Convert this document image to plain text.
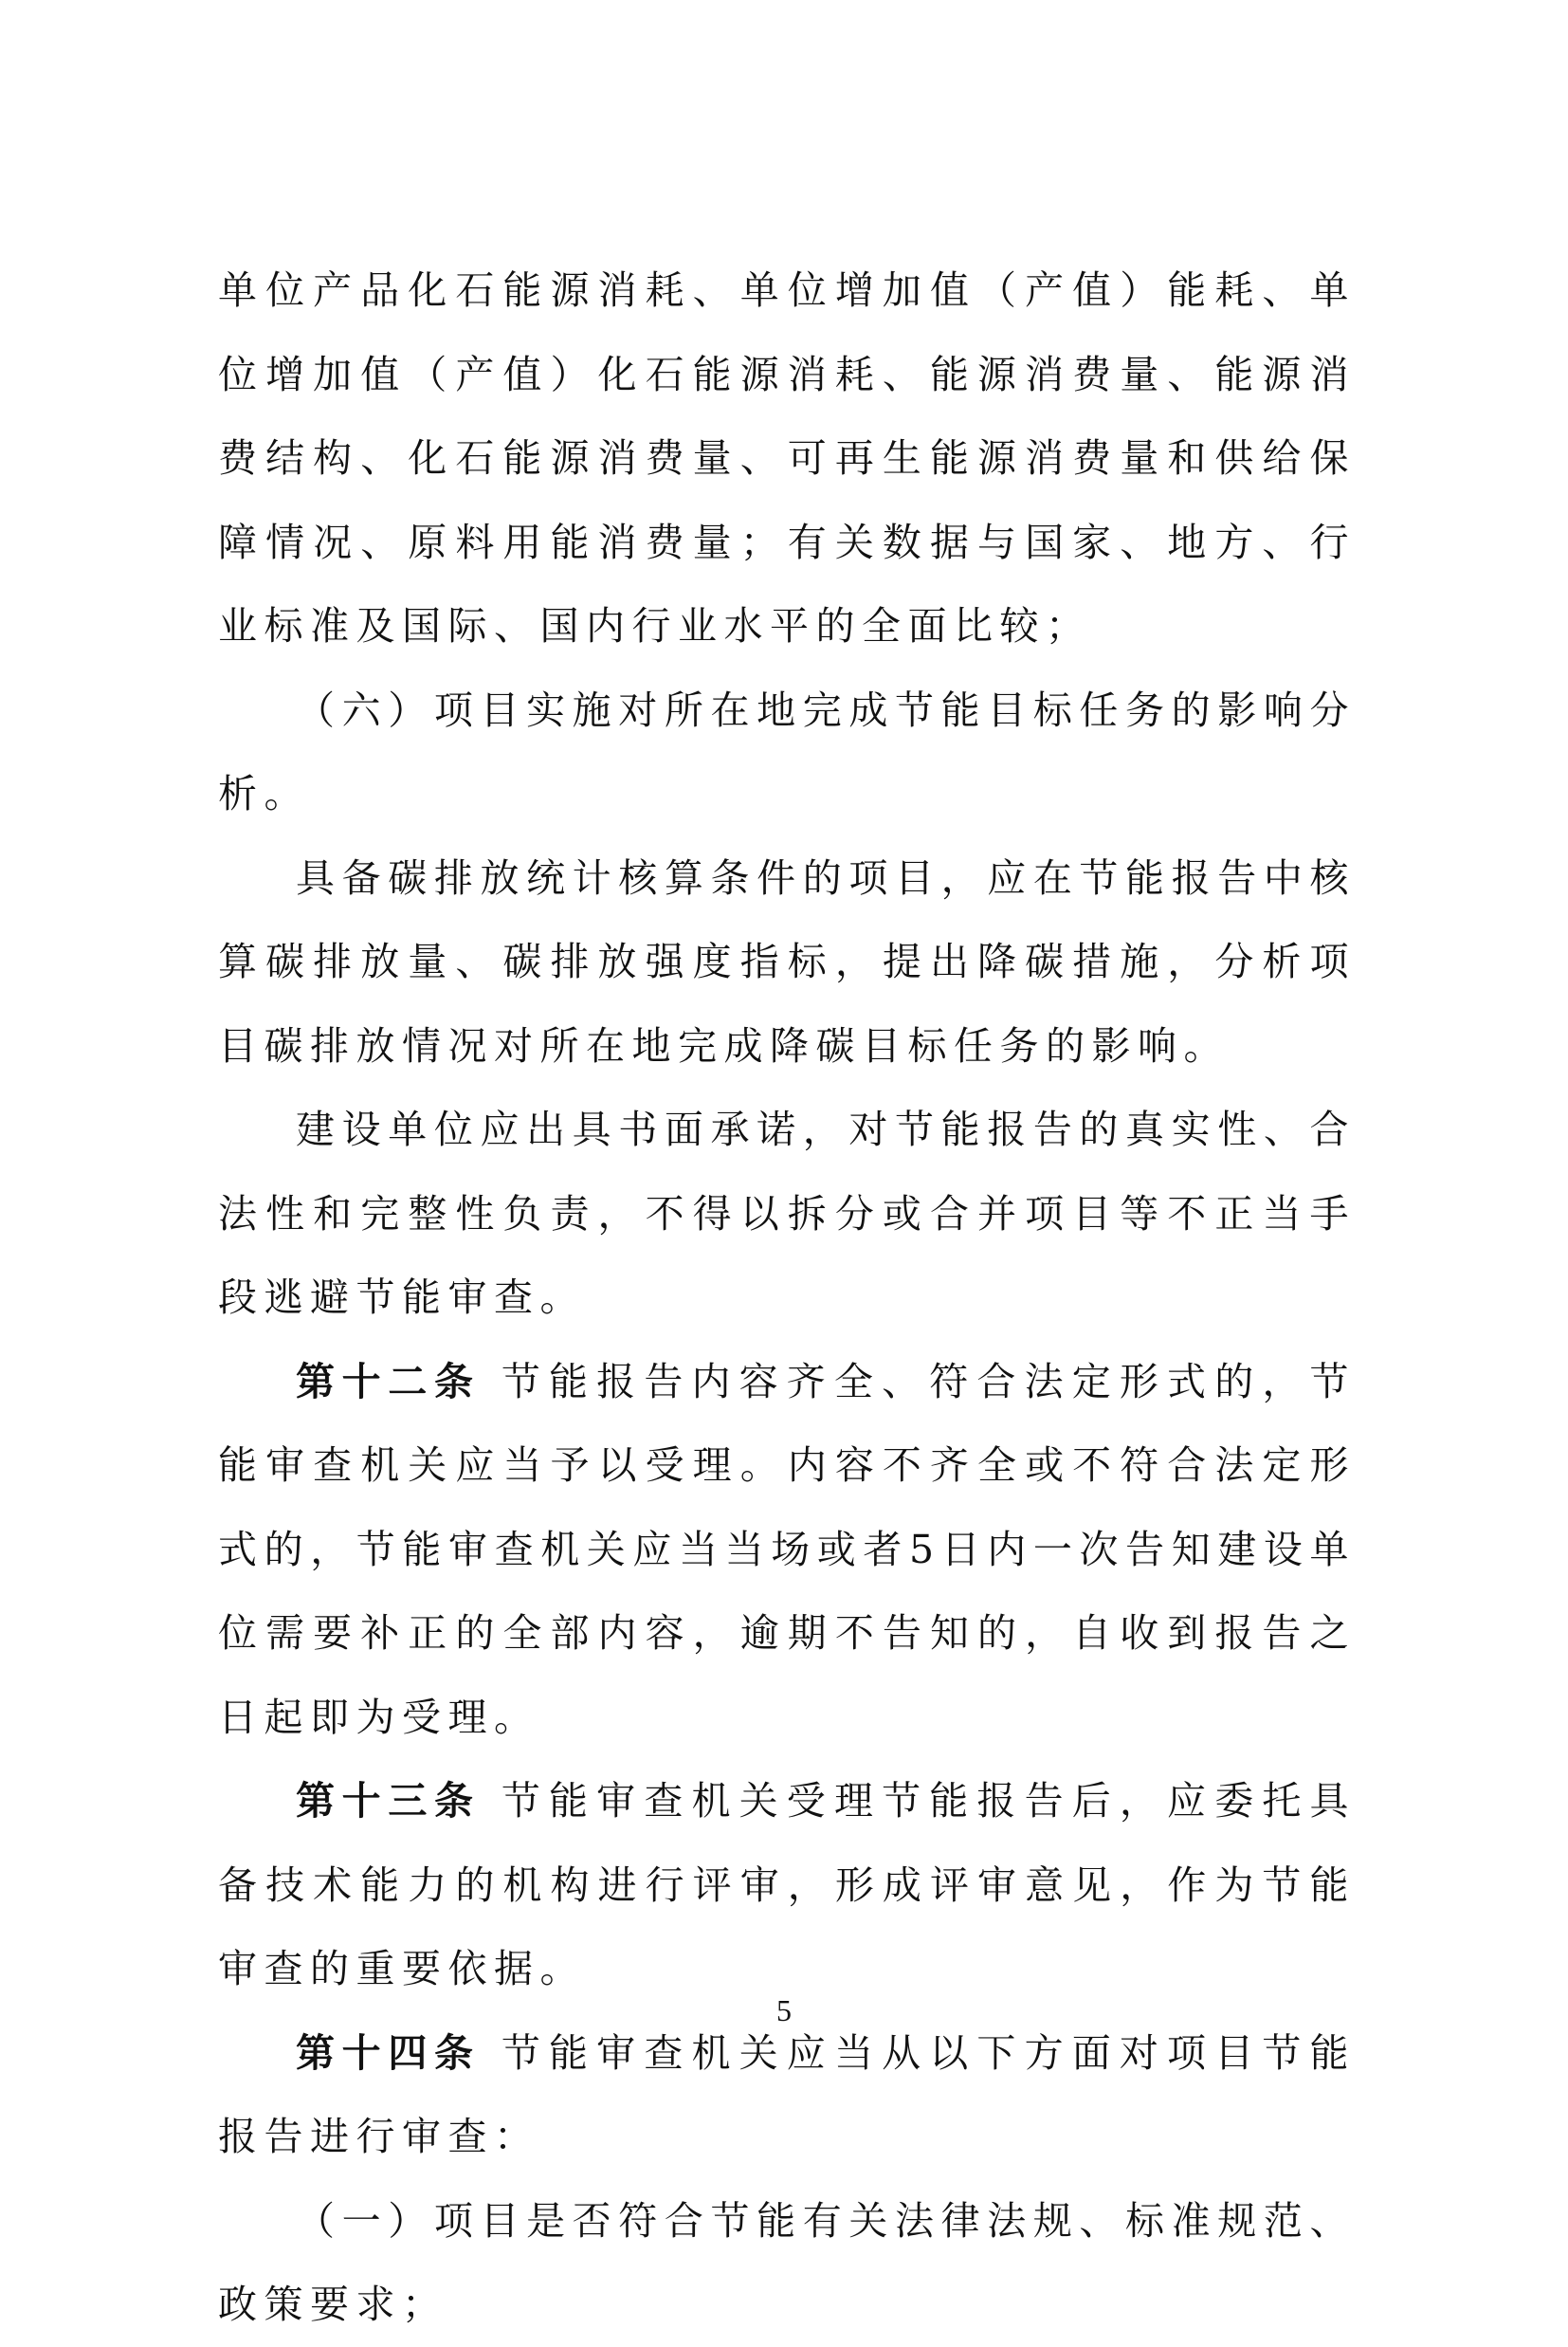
单位产品化石能源消耗、单位增加值（产值）能耗、单位增加值（产值）化石能源消耗、能源消费量、能源消费结构、化石能源消费量、可再生能源消费量和供给保障情况、原料用能消费量；有关数据与国家、地方、行业标准及国际、国内行业水平的全面比较；

（六）项目实施对所在地完成节能目标任务的影响分析。

具备碳排放统计核算条件的项目，应在节能报告中核算碳排放量、碳排放强度指标，提出降碳措施，分析项目碳排放情况对所在地完成降碳目标任务的影响。

建设单位应出具书面承诺，对节能报告的真实性、合法性和完整性负责，不得以拆分或合并项目等不正当手段逃避节能审查。

第十二条 节能报告内容齐全、符合法定形式的，节能审查机关应当予以受理。内容不齐全或不符合法定形式的，节能审查机关应当当场或者5日内一次告知建设单位需要补正的全部内容，逾期不告知的，自收到报告之日起即为受理。

第十三条 节能审查机关受理节能报告后，应委托具备技术能力的机构进行评审，形成评审意见，作为节能审查的重要依据。

第十四条 节能审查机关应当从以下方面对项目节能报告进行审查：

（一）项目是否符合节能有关法律法规、标准规范、政策要求；

5
